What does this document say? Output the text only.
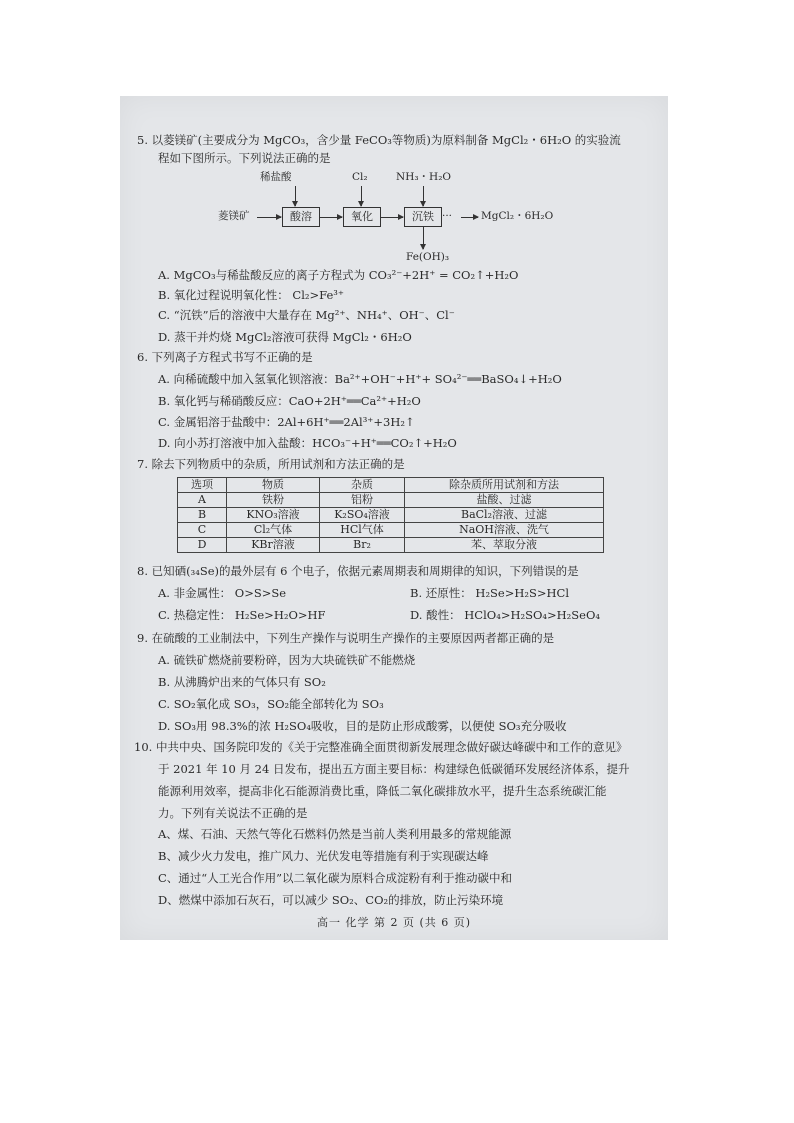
5. 以菱镁矿(主要成分为 MgCO₃，含少量 FeCO₃等物质)为原料制备 MgCl₂・6H₂O 的实验流
程如下图所示。下列说法正确的是
稀盐酸	Cl₂	NH₃・H₂O
菱镁矿	酸溶	氧化	沉铁 ···	MgCl₂・6H₂O
Fe(OH)₃
A. MgCO₃与稀盐酸反应的离子方程式为 CO₃²⁻+2H⁺ = CO₂↑+H₂O
B. 氧化过程说明氧化性： Cl₂>Fe³⁺
C. “沉铁”后的溶液中大量存在 Mg²⁺、NH₄⁺、OH⁻、Cl⁻
D. 蒸干并灼烧 MgCl₂溶液可获得 MgCl₂・6H₂O
6. 下列离子方程式书写不正确的是
A. 向稀硫酸中加入氢氧化钡溶液：Ba²⁺+OH⁻+H⁺+ SO₄²⁻══BaSO₄↓+H₂O
B. 氧化钙与稀硝酸反应：CaO+2H⁺══Ca²⁺+H₂O
C. 金属铝溶于盐酸中：2Al+6H⁺══2Al³⁺+3H₂↑
D. 向小苏打溶液中加入盐酸：HCO₃⁻+H⁺══CO₂↑+H₂O
7. 除去下列物质中的杂质，所用试剂和方法正确的是
选项	物质	杂质	除杂质所用试剂和方法
A	铁粉	铝粉	盐酸、过滤
B	KNO₃溶液	K₂SO₄溶液	BaCl₂溶液、过滤
C	Cl₂气体	HCl气体	NaOH溶液、洗气
D	KBr溶液	Br₂	苯、萃取分液
8. 已知硒(₃₄Se)的最外层有 6 个电子，依据元素周期表和周期律的知识，下列错误的是
A. 非金属性： O>S>Se	B. 还原性： H₂Se>H₂S>HCl
C. 热稳定性： H₂Se>H₂O>HF	D. 酸性： HClO₄>H₂SO₄>H₂SeO₄
9. 在硫酸的工业制法中，下列生产操作与说明生产操作的主要原因两者都正确的是
A. 硫铁矿燃烧前要粉碎，因为大块硫铁矿不能燃烧
B. 从沸腾炉出来的气体只有 SO₂
C. SO₂氧化成 SO₃，SO₂能全部转化为 SO₃
D. SO₃用 98.3%的浓 H₂SO₄吸收，目的是防止形成酸雾，以便使 SO₃充分吸收
10. 中共中央、国务院印发的《关于完整准确全面贯彻新发展理念做好碳达峰碳中和工作的意见》
于 2021 年 10 月 24 日发布，提出五方面主要目标：构建绿色低碳循环发展经济体系，提升
能源利用效率，提高非化石能源消费比重，降低二氧化碳排放水平，提升生态系统碳汇能
力。下列有关说法不正确的是
A、煤、石油、天然气等化石燃料仍然是当前人类利用最多的常规能源
B、减少火力发电，推广风力、光伏发电等措施有利于实现碳达峰
C、通过“人工光合作用”以二氧化碳为原料合成淀粉有利于推动碳中和
D、燃煤中添加石灰石，可以减少 SO₂、CO₂的排放，防止污染环境
高一 化学 第 2 页 (共 6 页)
